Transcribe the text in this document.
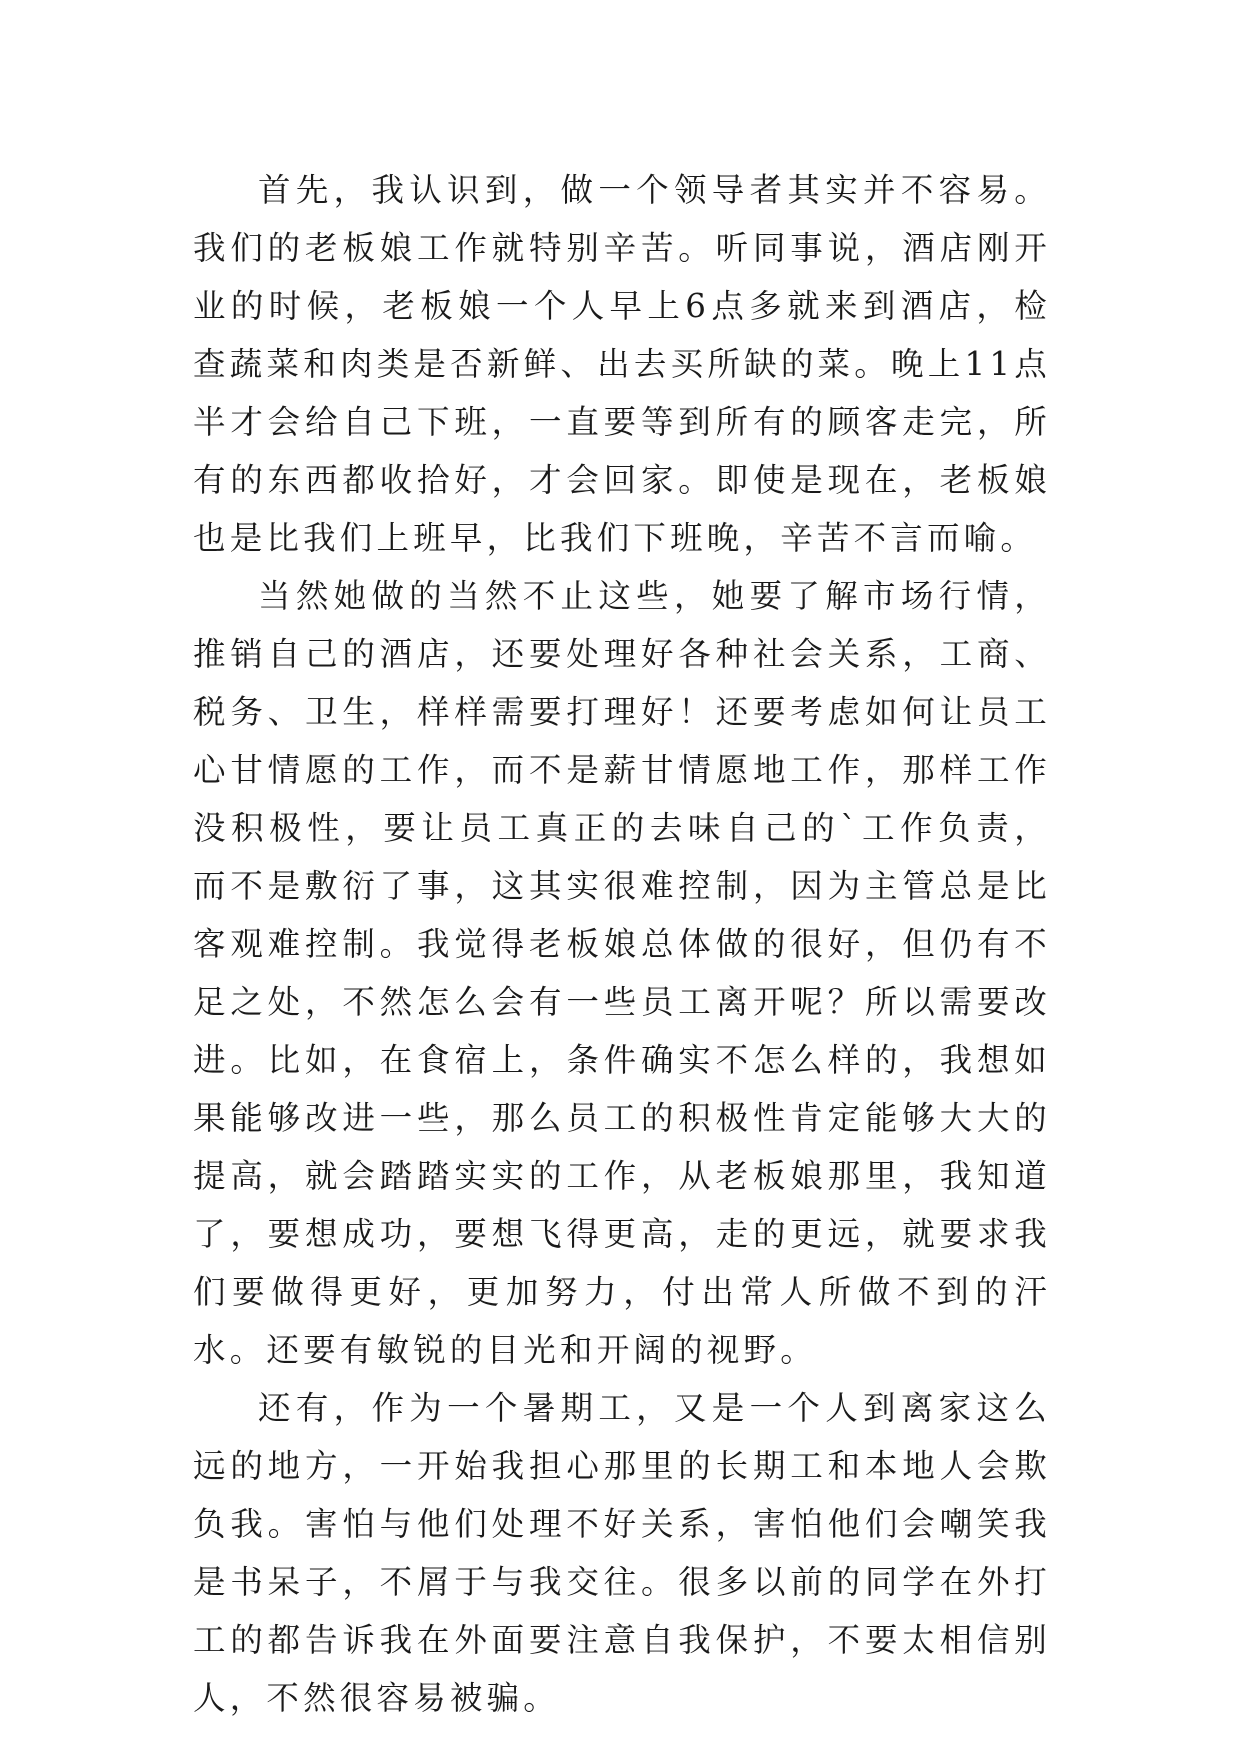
首先，我认识到，做一个领导者其实并不容易。我们的老板娘工作就特别辛苦。听同事说，酒店刚开业的时候，老板娘一个人早上6点多就来到酒店，检查蔬菜和肉类是否新鲜、出去买所缺的菜。晚上11点半才会给自己下班，一直要等到所有的顾客走完，所有的东西都收拾好，才会回家。即使是现在，老板娘也是比我们上班早，比我们下班晚，辛苦不言而喻。

当然她做的当然不止这些，她要了解市场行情，推销自己的酒店，还要处理好各种社会关系，工商、税务、卫生，样样需要打理好！还要考虑如何让员工心甘情愿的工作，而不是薪甘情愿地工作，那样工作没积极性，要让员工真正的去味自己的`工作负责，而不是敷衍了事，这其实很难控制，因为主管总是比客观难控制。我觉得老板娘总体做的很好，但仍有不足之处，不然怎么会有一些员工离开呢？所以需要改进。比如，在食宿上，条件确实不怎么样的，我想如果能够改进一些，那么员工的积极性肯定能够大大的提高，就会踏踏实实的工作，从老板娘那里，我知道了，要想成功，要想飞得更高，走的更远，就要求我们要做得更好，更加努力，付出常人所做不到的汗水。还要有敏锐的目光和开阔的视野。

还有，作为一个暑期工，又是一个人到离家这么远的地方，一开始我担心那里的长期工和本地人会欺负我。害怕与他们处理不好关系，害怕他们会嘲笑我是书呆子，不屑于与我交往。很多以前的同学在外打工的都告诉我在外面要注意自我保护，不要太相信别人，不然很容易被骗。
